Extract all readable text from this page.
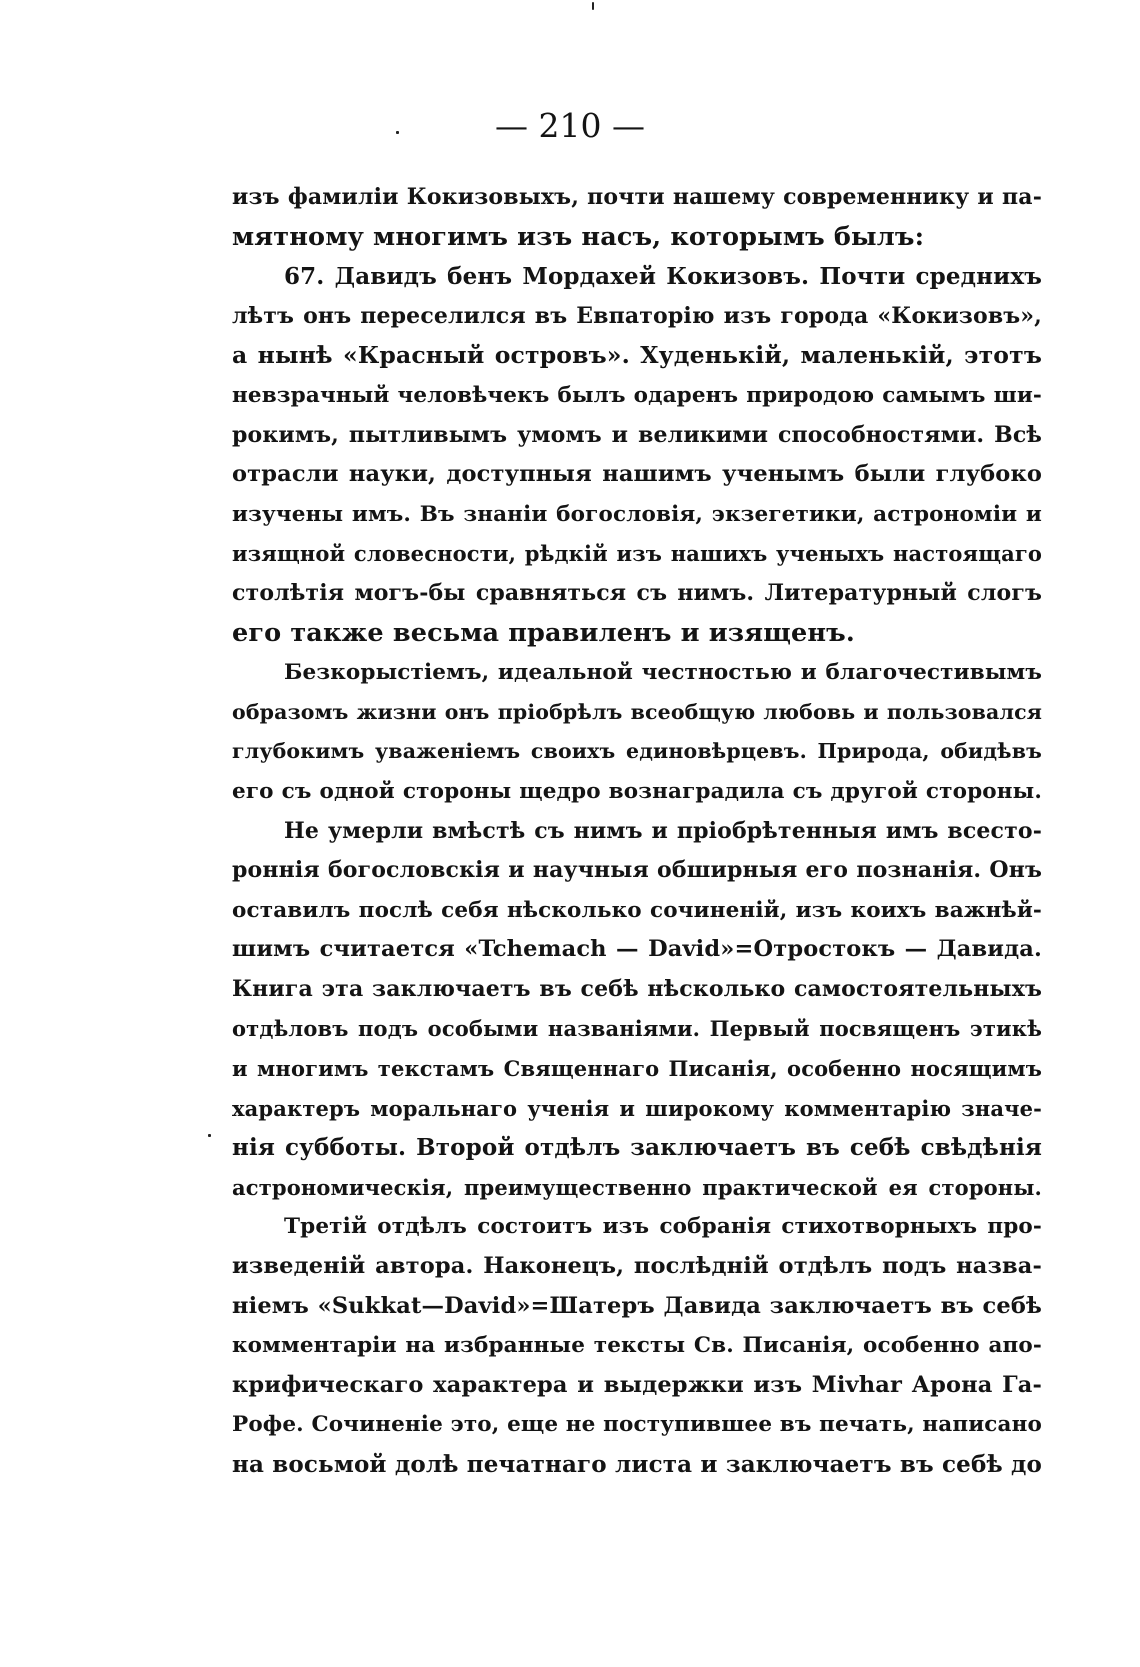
— 210 —
изъ фамиліи Кокизовыхъ, почти нашему современнику и па-
мятному многимъ изъ насъ, которымъ былъ:
67. Давидъ бенъ Мордахей Кокизовъ. Почти среднихъ
лѣтъ онъ переселился въ Евпаторію изъ города «Кокизовъ»,
а нынѣ «Красный островъ». Худенькій, маленькій, этотъ
невзрачный человѣчекъ былъ одаренъ природою самымъ ши-
рокимъ, пытливымъ умомъ и великими способностями. Всѣ
отрасли науки, доступныя нашимъ ученымъ были глубоко
изучены имъ. Въ знаніи богословія, экзегетики, астрономіи и
изящной словесности, рѣдкій изъ нашихъ ученыхъ настоящаго
столѣтія могъ-бы сравняться съ нимъ. Литературный слогъ
его также весьма правиленъ и изященъ.
Безкорыстіемъ, идеальной честностью и благочестивымъ
образомъ жизни онъ пріобрѣлъ всеобщую любовь и пользовался
глубокимъ уваженіемъ своихъ единовѣрцевъ. Природа, обидѣвъ
его съ одной стороны щедро вознаградила съ другой стороны.
Не умерли вмѣстѣ съ нимъ и пріобрѣтенныя имъ всесто-
роннія богословскія и научныя обширныя его познанія. Онъ
оставилъ послѣ себя нѣсколько сочиненій, изъ коихъ важнѣй-
шимъ считается «Tchemach — David»=Отростокъ — Давида.
Книга эта заключаетъ въ себѣ нѣсколько самостоятельныхъ
отдѣловъ подъ особыми названіями. Первый посвященъ этикѣ
и многимъ текстамъ Священнаго Писанія, особенно носящимъ
характеръ моральнаго ученія и широкому комментарію значе-
нія субботы. Второй отдѣлъ заключаетъ въ себѣ свѣдѣнія
астрономическія, преимущественно практической ея стороны.
Третій отдѣлъ состоитъ изъ собранія стихотворныхъ про-
изведеній автора. Наконецъ, послѣдній отдѣлъ подъ назва-
ніемъ «Sukkat—David»=Шатеръ Давида заключаетъ въ себѣ
комментаріи на избранные тексты Св. Писанія, особенно апо-
крифическаго характера и выдержки изъ Mivhar Арона Га-
Рофе. Сочиненіе это, еще не поступившее въ печать, написано
на восьмой долѣ печатнаго листа и заключаетъ въ себѣ до
